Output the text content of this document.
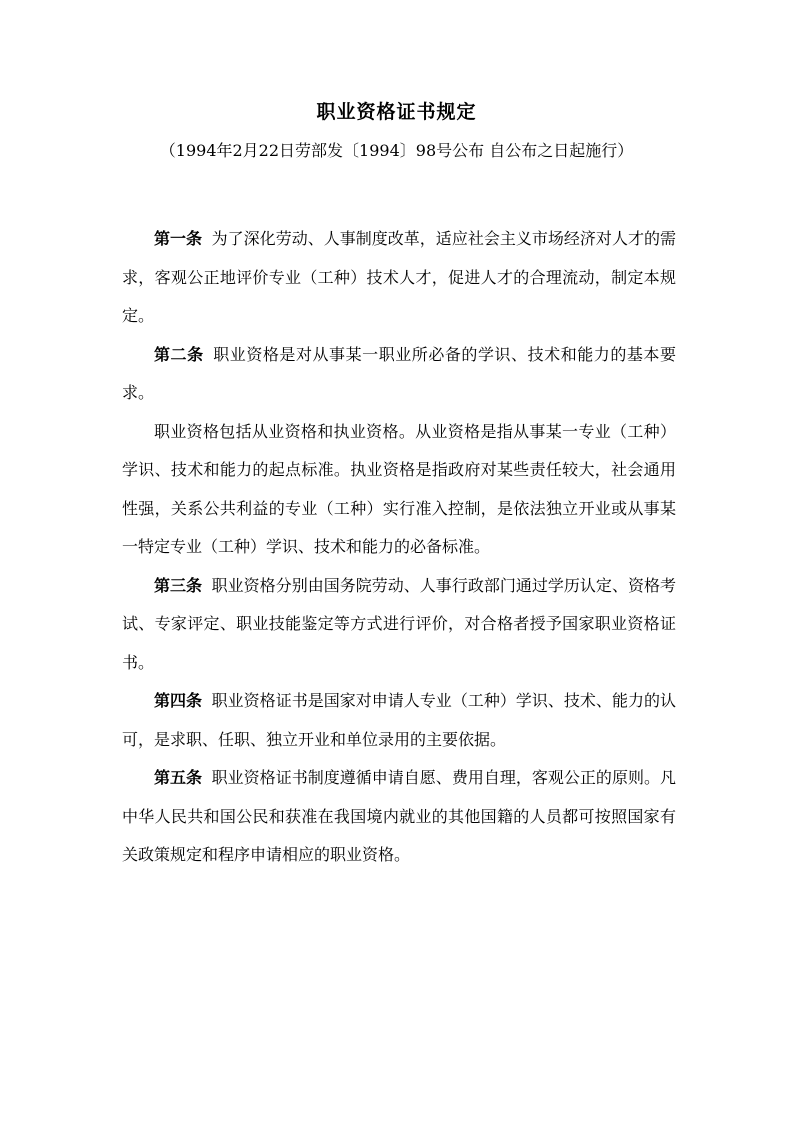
职业资格证书规定
（1994年2月22日劳部发〔1994〕98号公布 自公布之日起施行）

第一条 为了深化劳动、人事制度改革，适应社会主义市场经济对人才的需求，客观公正地评价专业（工种）技术人才，促进人才的合理流动，制定本规定。

第二条 职业资格是对从事某一职业所必备的学识、技术和能力的基本要求。

职业资格包括从业资格和执业资格。从业资格是指从事某一专业（工种）学识、技术和能力的起点标准。执业资格是指政府对某些责任较大，社会通用性强，关系公共利益的专业（工种）实行准入控制，是依法独立开业或从事某一特定专业（工种）学识、技术和能力的必备标准。

第三条 职业资格分别由国务院劳动、人事行政部门通过学历认定、资格考试、专家评定、职业技能鉴定等方式进行评价，对合格者授予国家职业资格证书。

第四条 职业资格证书是国家对申请人专业（工种）学识、技术、能力的认可，是求职、任职、独立开业和单位录用的主要依据。

第五条 职业资格证书制度遵循申请自愿、费用自理，客观公正的原则。凡中华人民共和国公民和获准在我国境内就业的其他国籍的人员都可按照国家有关政策规定和程序申请相应的职业资格。
